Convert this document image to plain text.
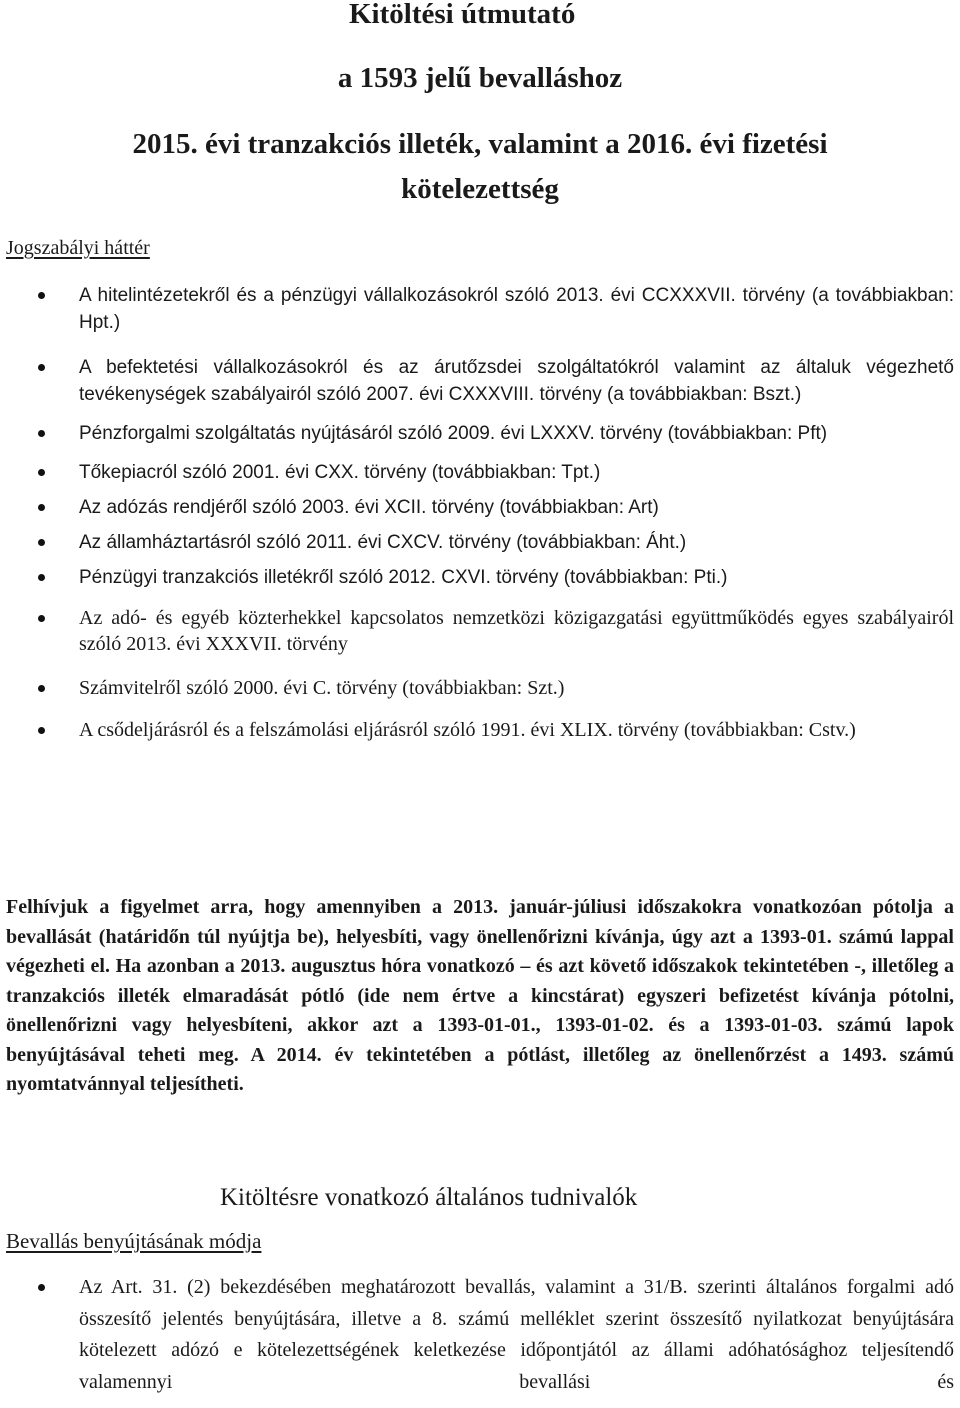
Kitöltési útmutató
a 1593 jelű bevalláshoz
2015. évi tranzakciós illeték, valamint a 2016. évi fizetési
kötelezettség
Jogszabályi háttér
A hitelintézetekről és a pénzügyi vállalkozásokról szóló 2013. évi CCXXXVII. törvény (a továbbiakban: Hpt.)
A befektetési vállalkozásokról és az árutőzsdei szolgáltatókról valamint az általuk végezhető tevékenységek szabályairól szóló 2007. évi CXXXVIII. törvény (a továbbiakban: Bszt.)
Pénzforgalmi szolgáltatás nyújtásáról szóló 2009. évi LXXXV. törvény (továbbiakban: Pft)
Tőkepiacról szóló 2001. évi CXX. törvény (továbbiakban: Tpt.)
Az adózás rendjéről szóló 2003. évi XCII. törvény (továbbiakban: Art)
Az államháztartásról szóló 2011. évi CXCV. törvény (továbbiakban: Áht.)
Pénzügyi tranzakciós illetékről szóló 2012. CXVI. törvény (továbbiakban: Pti.)
Az adó- és egyéb közterhekkel kapcsolatos nemzetközi közigazgatási együttműködés egyes szabályairól szóló 2013. évi XXXVII. törvény
Számvitelről szóló 2000. évi C. törvény (továbbiakban: Szt.)
A csődeljárásról és a felszámolási eljárásról szóló 1991. évi XLIX. törvény (továbbiakban: Cstv.)

Felhívjuk a figyelmet arra, hogy amennyiben a 2013. január-júliusi időszakokra vonatkozóan pótolja a bevallását (határidőn túl nyújtja be), helyesbíti, vagy önellenőrizni kívánja, úgy azt a 1393-01. számú lappal végezheti el. Ha azonban a 2013. augusztus hóra vonatkozó – és azt követő időszakok tekintetében -, illetőleg a tranzakciós illeték elmaradását pótló (ide nem értve a kincstárat) egyszeri befizetést kívánja pótolni, önellenőrizni vagy helyesbíteni, akkor azt a 1393-01-01., 1393-01-02. és a 1393-01-03. számú lapok benyújtásával teheti meg. A 2014. év tekintetében a pótlást, illetőleg az önellenőrzést a 1493. számú nyomtatvánnyal teljesítheti.

Kitöltésre vonatkozó általános tudnivalók
Bevallás benyújtásának módja
Az Art. 31. (2) bekezdésében meghatározott bevallás, valamint a 31/B. szerinti általános forgalmi adó összesítő jelentés benyújtására, illetve a 8. számú melléklet szerint összesítő nyilatkozat benyújtására kötelezett adózó e kötelezettségének keletkezése időpontjától az állami adóhatósághoz teljesítendő valamennyi bevallási és
